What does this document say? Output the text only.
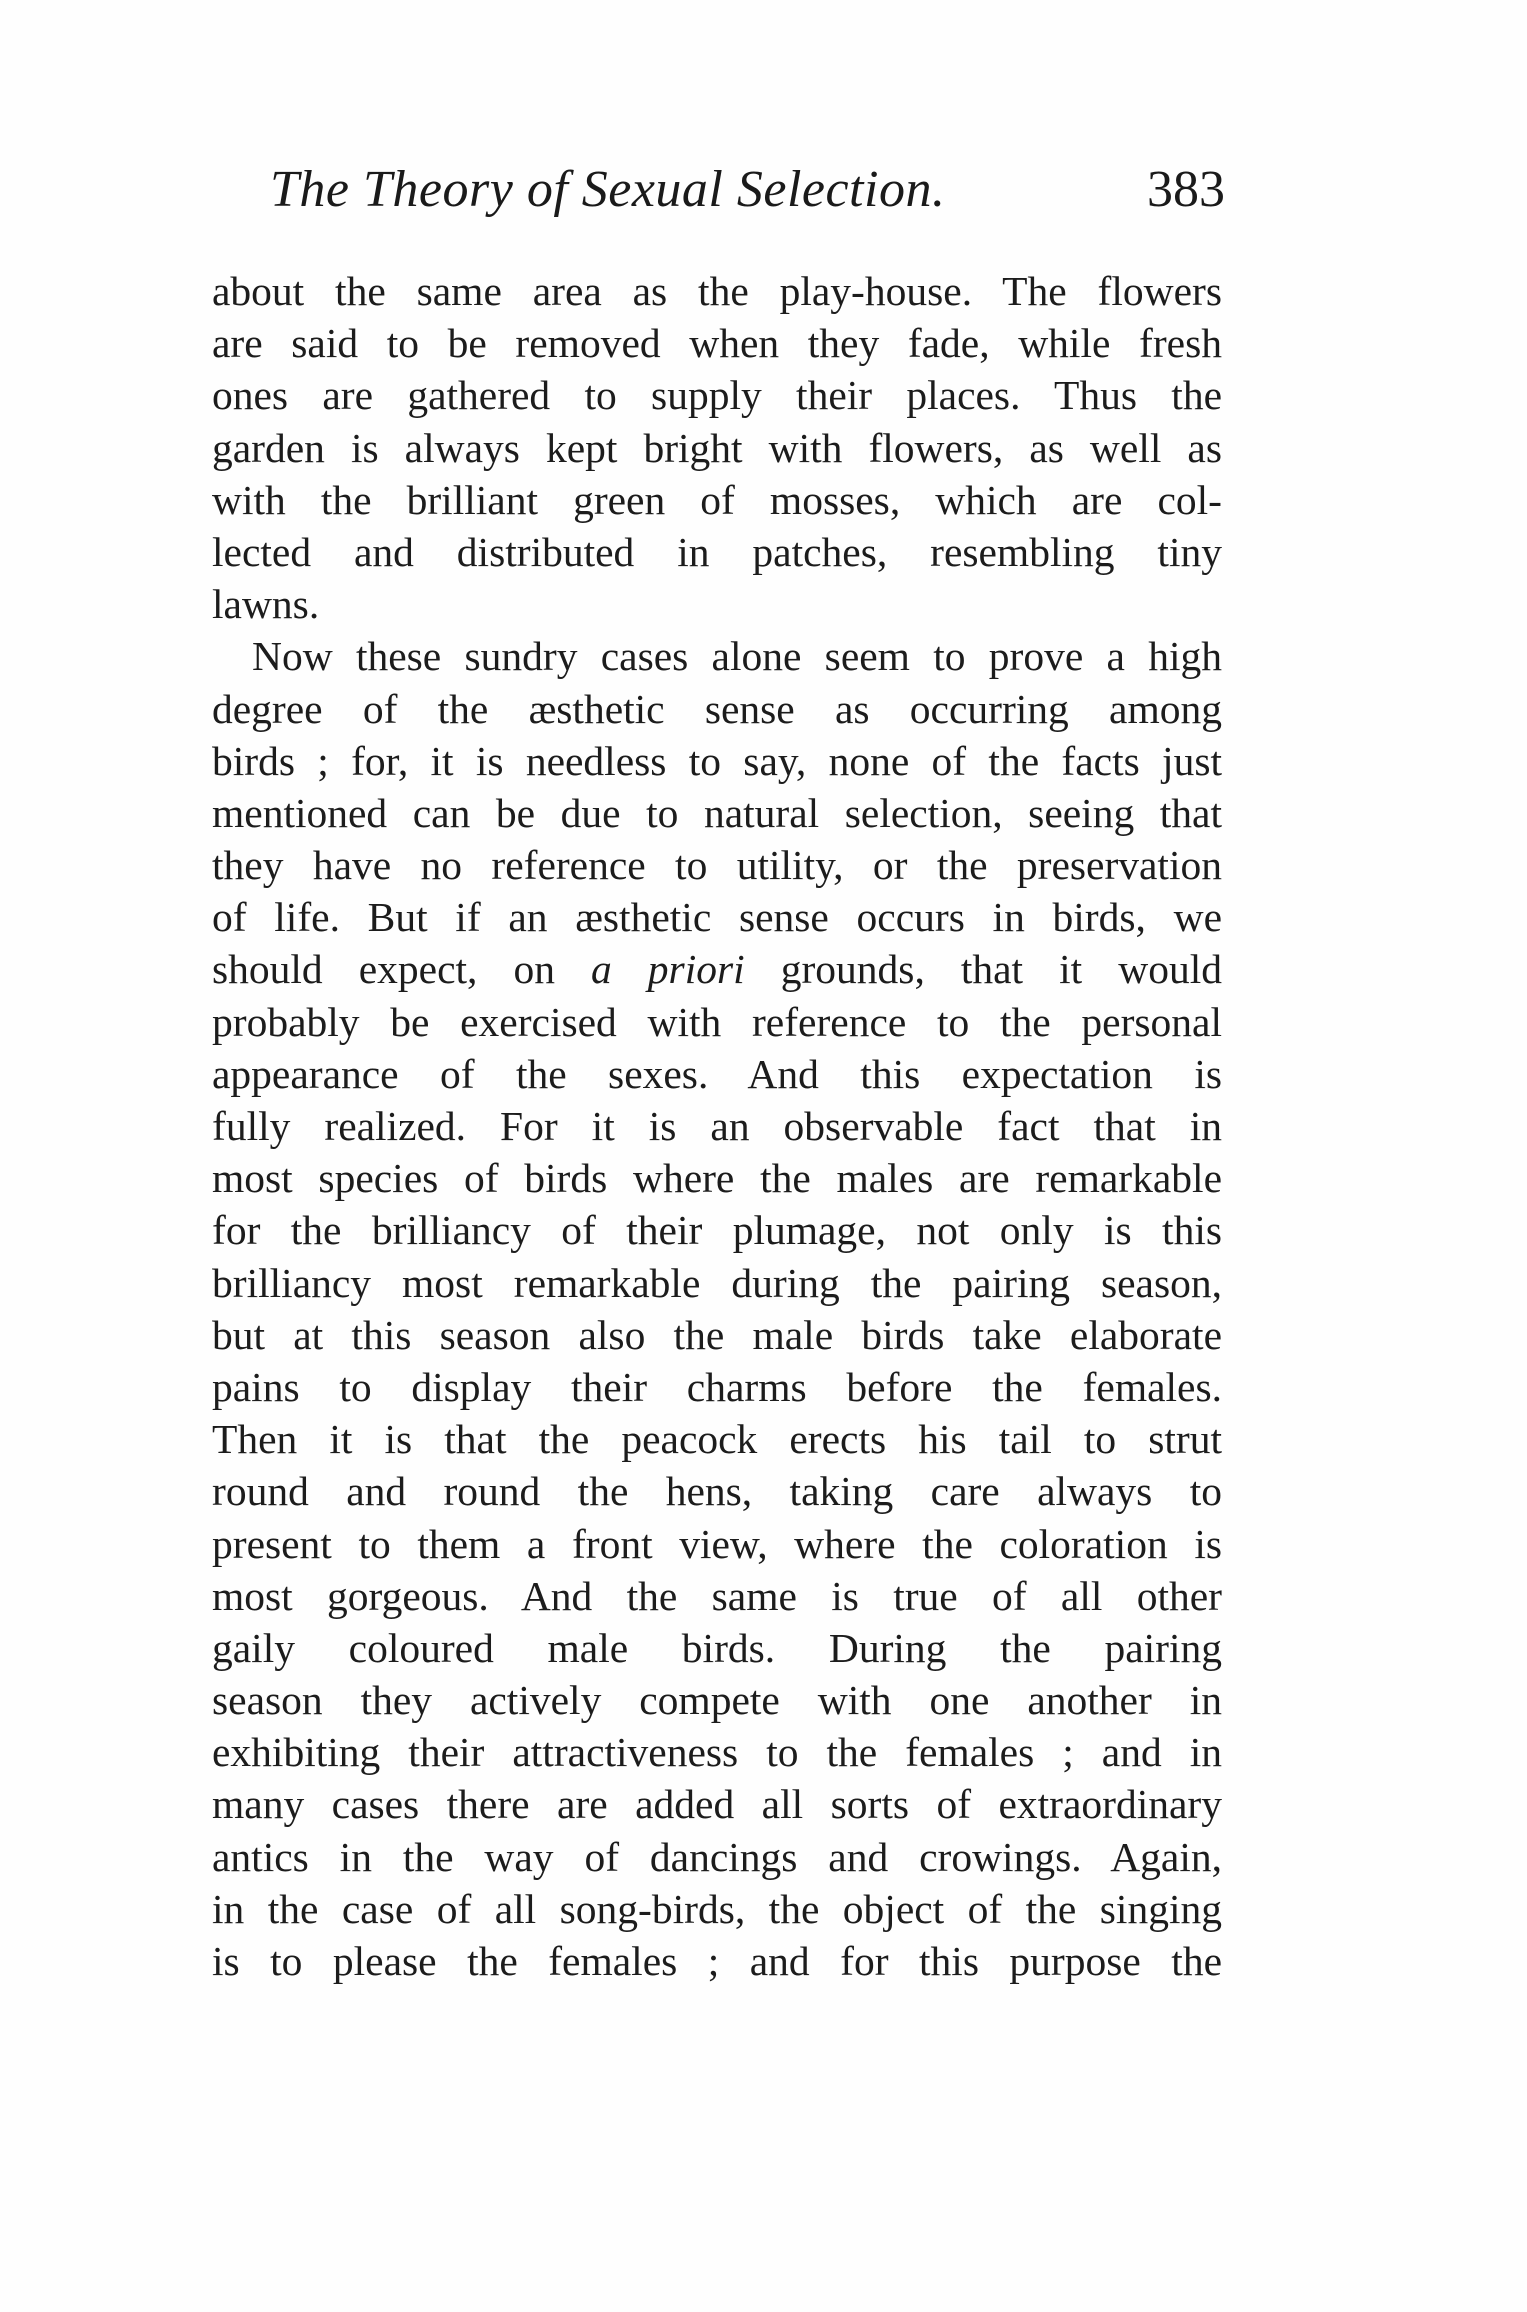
The Theory of Sexual Selection.	383
about the same area as the play-house. The flowers
are said to be removed when they fade, while fresh
ones are gathered to supply their places. Thus the
garden is always kept bright with flowers, as well as
with the brilliant green of mosses, which are col-
lected and distributed in patches, resembling tiny
lawns.
Now these sundry cases alone seem to prove a high
degree of the æsthetic sense as occurring among
birds ; for, it is needless to say, none of the facts just
mentioned can be due to natural selection, seeing that
they have no reference to utility, or the preservation
of life. But if an æsthetic sense occurs in birds, we
should expect, on a priori grounds, that it would
probably be exercised with reference to the personal
appearance of the sexes. And this expectation is
fully realized. For it is an observable fact that in
most species of birds where the males are remarkable
for the brilliancy of their plumage, not only is this
brilliancy most remarkable during the pairing season,
but at this season also the male birds take elaborate
pains to display their charms before the females.
Then it is that the peacock erects his tail to strut
round and round the hens, taking care always to
present to them a front view, where the coloration is
most gorgeous. And the same is true of all other
gaily coloured male birds. During the pairing
season they actively compete with one another in
exhibiting their attractiveness to the females ; and in
many cases there are added all sorts of extraordinary
antics in the way of dancings and crowings. Again,
in the case of all song-birds, the object of the singing
is to please the females ; and for this purpose the
